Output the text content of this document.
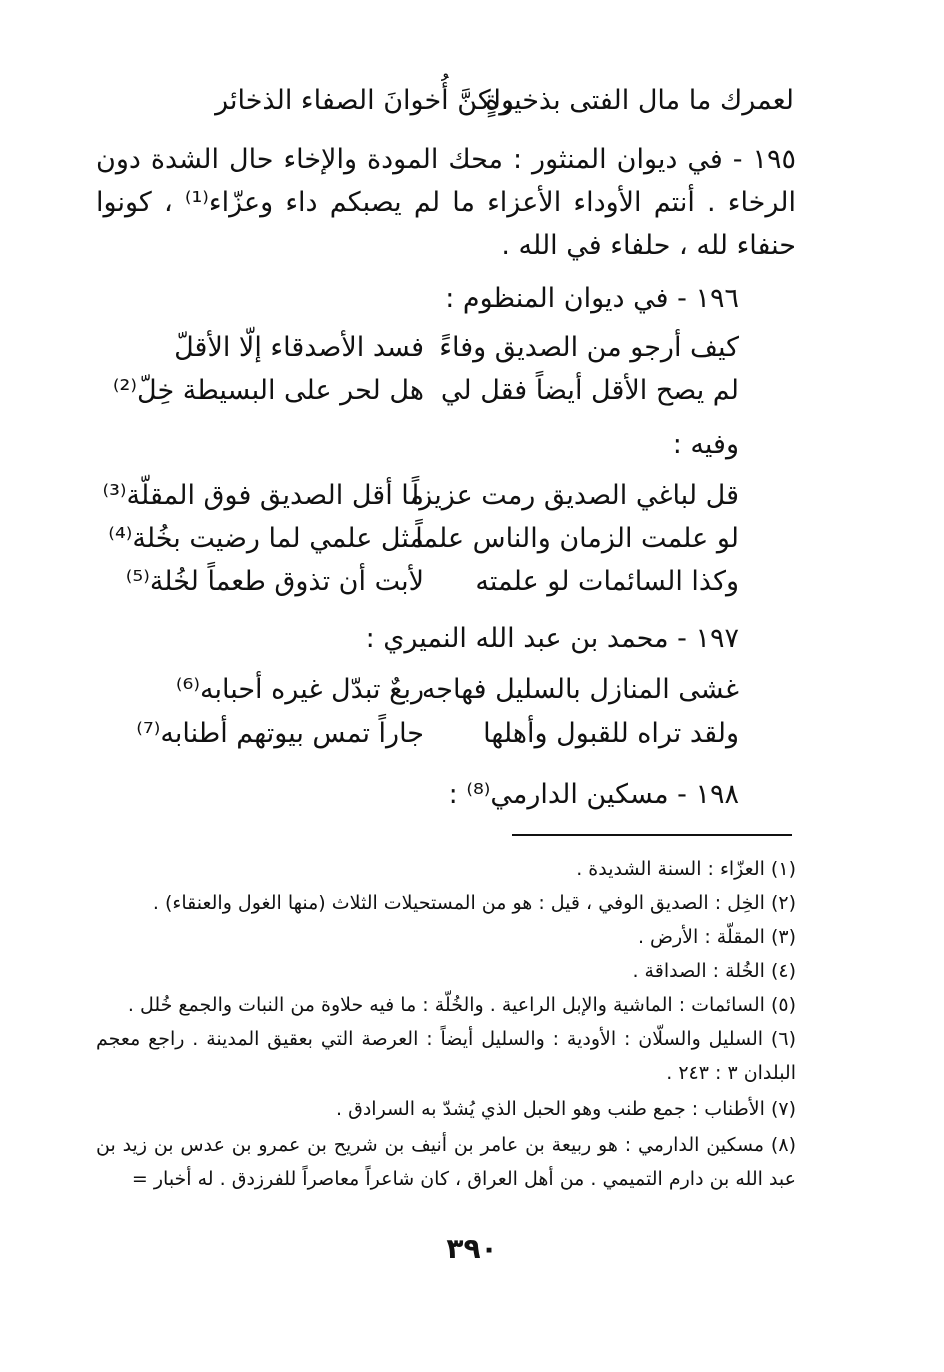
لعمرك ما مال الفتى بذخيرةٍ
ولكنَّ أُخوانَ الصفاء الذخائر
١٩٥ - في ديوان المنثور : محك المودة والإخاء حال الشدة دون الرخاء . أنتم الأوداء الأعزاء ما لم يصبكم داء وعزّاء⁽¹⁾ ، كونوا حنفاء لله ، حلفاء في الله .
١٩٦ - في ديوان المنظوم :
كيف أرجو من الصديق وفاءً
فسد الأصدقاء إلّا الأقلّ
لم يصح الأقل أيضاً فقل لي
هل لحر على البسيطة خِلّ⁽²⁾
وفيه :
قل لباغي الصديق رمت عزيزاً
ما أقل الصديق فوق المقلّة⁽³⁾
لو علمت الزمان والناس علماً
مثل علمي لما رضيت بخُلة⁽⁴⁾
وكذا السائمات لو علمته
لأبت أن تذوق طعماً لخُلة⁽⁵⁾
١٩٧ - محمد بن عبد الله النميري :
غشى المنازل بالسليل فهاجه
ربعٌ تبدّل غيره أحبابه⁽⁶⁾
ولقد تراه للقبول وأهلها
جاراً تمس بيوتهم أطنابه⁽⁷⁾
١٩٨ - مسكين الدارمي⁽⁸⁾ :
(١) العزّاء : السنة الشديدة .
(٢) الخِل : الصديق الوفي ، قيل : هو من المستحيلات الثلاث (منها الغول والعنقاء) .
(٣) المقلّة : الأرض .
(٤) الخُلة : الصداقة .
(٥) السائمات : الماشية والإبل الراعية . والخُلّة : ما فيه حلاوة من النبات والجمع خُلل .
(٦) السليل والسلّان : الأودية : والسليل أيضاً : العرصة التي بعقيق المدينة . راجع معجم البلدان ٣ : ٢٤٣ .
(٧) الأطناب : جمع طنب وهو الحبل الذي يُشدّ به السرادق .
(٨) مسكين الدارمي : هو ربيعة بن عامر بن أنيف بن شريح بن عمرو بن عدس بن زيد بن عبد الله بن دارم التميمي . من أهل العراق ، كان شاعراً معاصراً للفرزدق . له أخبار =
٣٩٠
